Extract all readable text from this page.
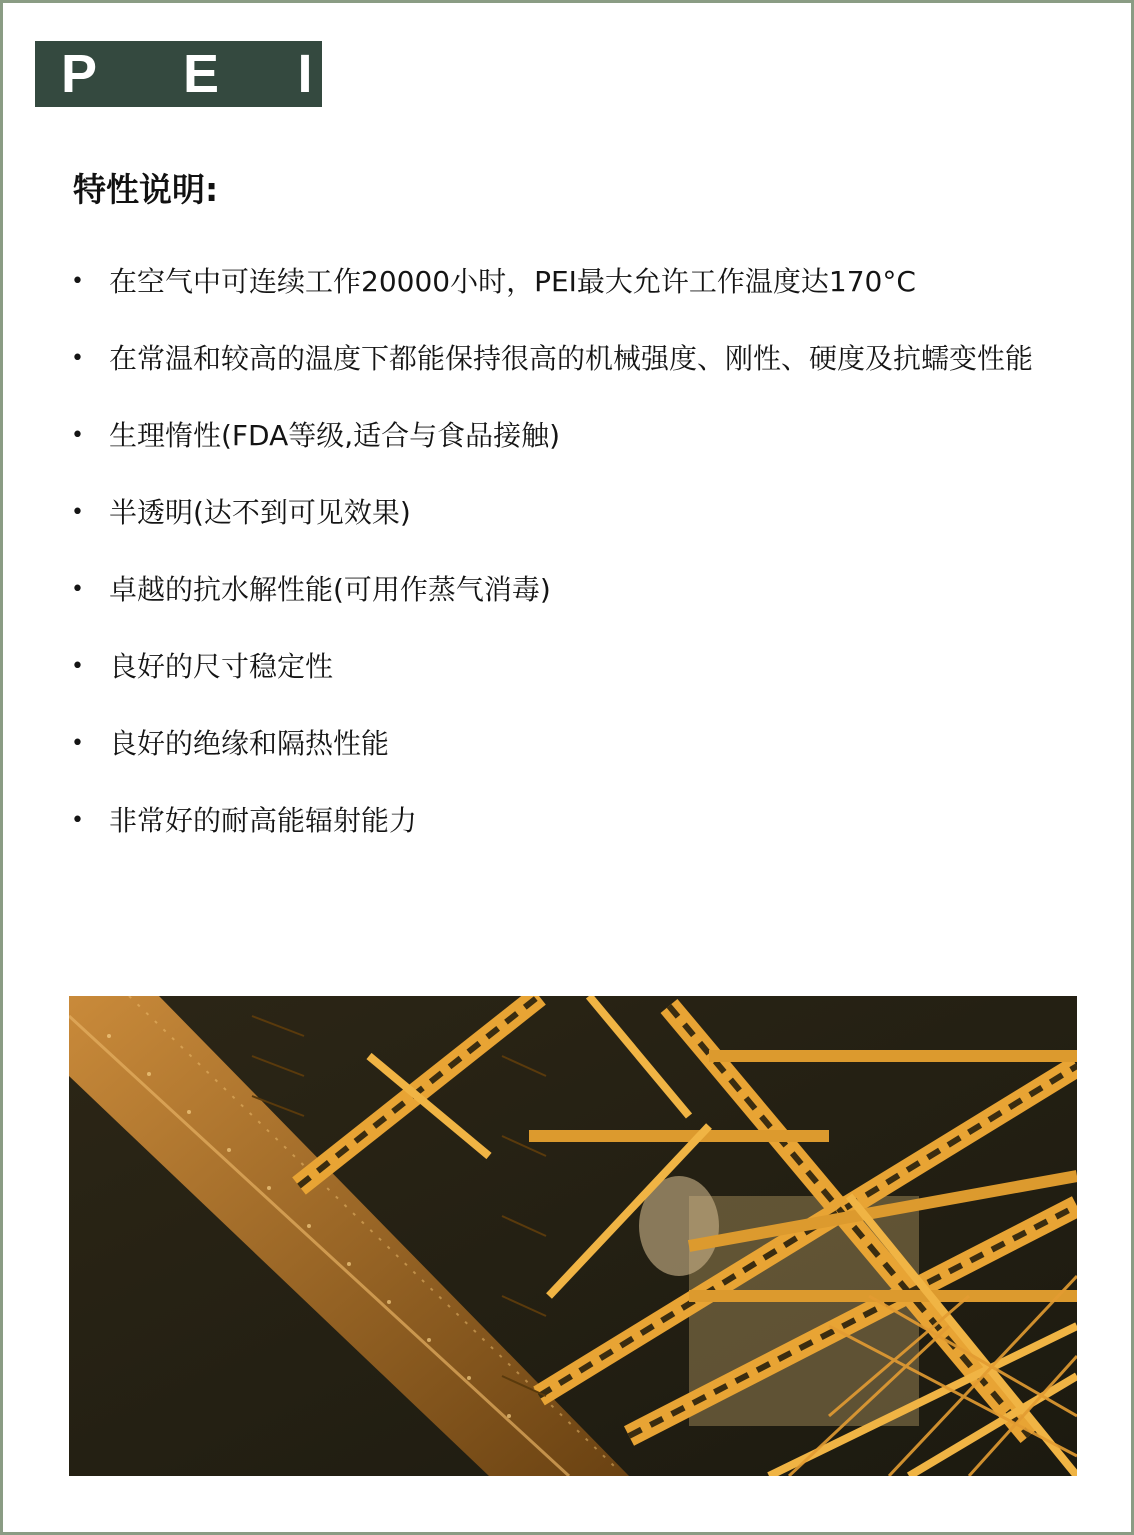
P E	I
特性说明:
• 在空气中可连续工作20000小时，PEI最大允许工作温度达170°C
• 在常温和较高的温度下都能保持很高的机械强度、刚性、硬度及抗蠕变性能
• 生理惰性(FDA等级,适合与食品接触)
• 半透明(达不到可见效果)
• 卓越的抗水解性能(可用作蒸气消毒)
• 良好的尺寸稳定性
• 良好的绝缘和隔热性能
• 非常好的耐高能辐射能力
